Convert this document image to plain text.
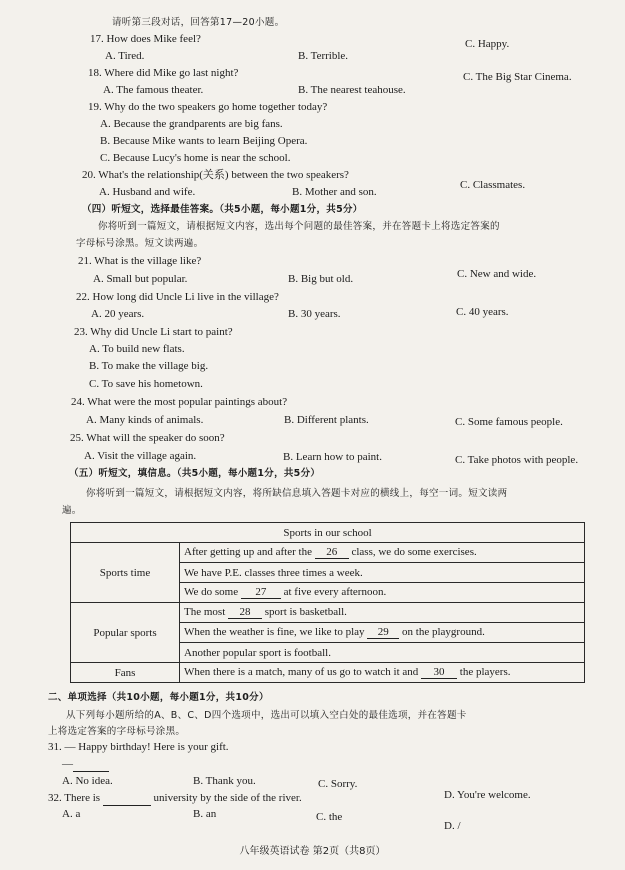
请听第三段对话，回答第17—20小题。
17. How does Mike feel?
A. Tired.	B. Terrible.
C. Happy.
18. Where did Mike go last night?
A. The famous theater.	B. The nearest teahouse.
C. The Big Star Cinema.
19. Why do the two speakers go home together today?
A. Because the grandparents are big fans.
B. Because Mike wants to learn Beijing Opera.
C. Because Lucy's home is near the school.
20. What's the relationship(关系) between the two speakers?
A. Husband and wife.	B. Mother and son.
C. Classmates.
（四）听短文，选择最佳答案。（共5小题，每小题1分，共5分）
你将听到一篇短文，请根据短文内容，选出每个问题的最佳答案，并在答题卡上将选定答案的
字母标号涂黑。短文读两遍。
21. What is the village like?
A. Small but popular.	B. Big but old.	C. New and wide.
22. How long did Uncle Li live in the village?
A. 20 years.	B. 30 years.	C. 40 years.
23. Why did Uncle Li start to paint?
A. To build new flats.
B. To make the village big.
C. To save his hometown.
24. What were the most popular paintings about?
A. Many kinds of animals.	B. Different plants.	C. Some famous people.
25. What will the speaker do soon?
A. Visit the village again.	B. Learn how to paint.	C. Take photos with people.
（五）听短文，填信息。（共5小题，每小题1分，共5分）
你将听到一篇短文，请根据短文内容，将所缺信息填入答题卡对应的横线上，每空一词。短文读两
遍。
Sports in our school	
Sports time	After getting up and after the 26 class, we do some exercises.
	We have P.E. classes three times a week.
	We do some 27 at five every afternoon.
Popular sports	The most 28 sport is basketball.
	When the weather is fine, we like to play 29 on the playground.
	Another popular sport is football.
Fans	When there is a match, many of us go to watch it and 30 the players.
二、单项选择（共10小题，每小题1分，共10分）
从下列每小题所给的A、B、C、D四个选项中，选出可以填入空白处的最佳选项，并在答题卡
上将选定答案的字母标号涂黑。
31. — Happy birthday! Here is your gift.
—
A. No idea.	B. Thank you.	C. Sorry.
D. You're welcome.
32. There is	university by the side of the river.
A. a	B. an	C. the
D. /
八年级英语试卷 第2页（共8页）
